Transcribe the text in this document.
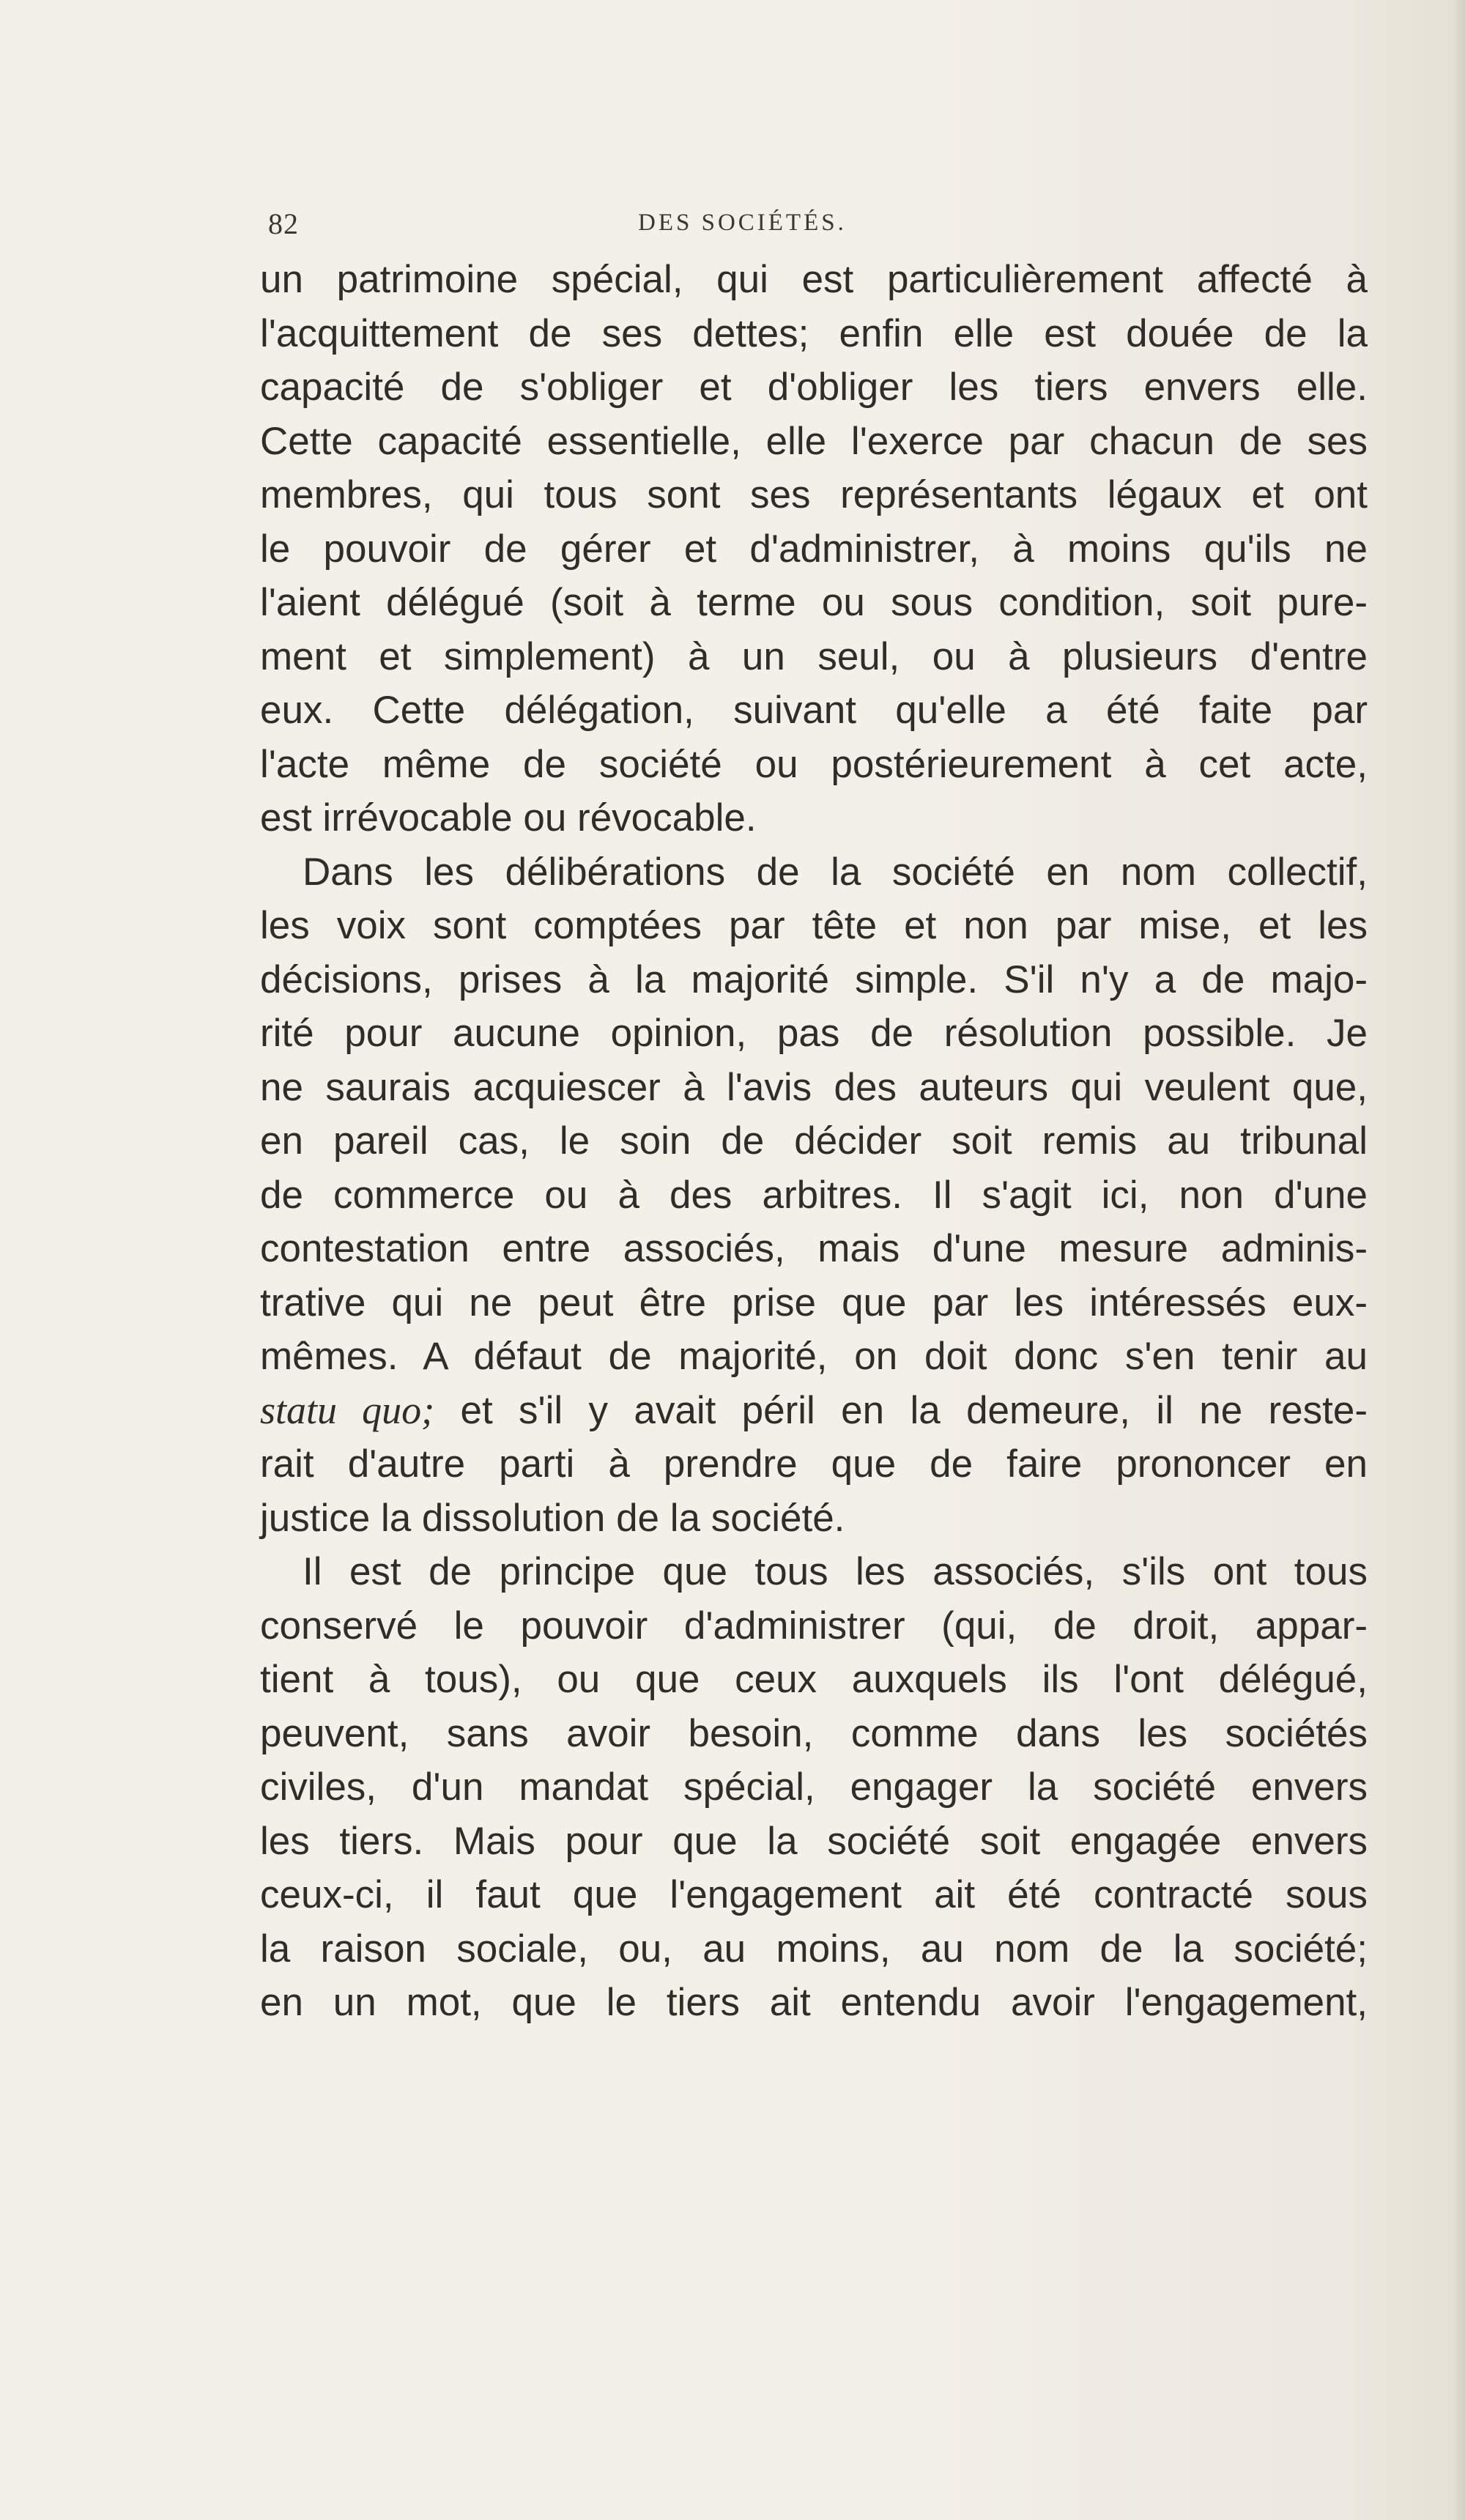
82	DES SOCIÉTÉS.
un patrimoine spécial, qui est particulièrement affecté à
l'acquittement de ses dettes; enfin elle est douée de la
capacité de s'obliger et d'obliger les tiers envers elle.
Cette capacité essentielle, elle l'exerce par chacun de ses
membres, qui tous sont ses représentants légaux et ont
le pouvoir de gérer et d'administrer, à moins qu'ils ne
l'aient délégué (soit à terme ou sous condition, soit pure-
ment et simplement) à un seul, ou à plusieurs d'entre
eux. Cette délégation, suivant qu'elle a été faite par
l'acte même de société ou postérieurement à cet acte,
est irrévocable ou révocable.
Dans les délibérations de la société en nom collectif,
les voix sont comptées par tête et non par mise, et les
décisions, prises à la majorité simple. S'il n'y a de majo-
rité pour aucune opinion, pas de résolution possible. Je
ne saurais acquiescer à l'avis des auteurs qui veulent que,
en pareil cas, le soin de décider soit remis au tribunal
de commerce ou à des arbitres. Il s'agit ici, non d'une
contestation entre associés, mais d'une mesure adminis-
trative qui ne peut être prise que par les intéressés eux-
mêmes. A défaut de majorité, on doit donc s'en tenir au
statu quo; et s'il y avait péril en la demeure, il ne reste-
rait d'autre parti à prendre que de faire prononcer en
justice la dissolution de la société.
Il est de principe que tous les associés, s'ils ont tous
conservé le pouvoir d'administrer (qui, de droit, appar-
tient à tous), ou que ceux auxquels ils l'ont délégué,
peuvent, sans avoir besoin, comme dans les sociétés
civiles, d'un mandat spécial, engager la société envers
les tiers. Mais pour que la société soit engagée envers
ceux-ci, il faut que l'engagement ait été contracté sous
la raison sociale, ou, au moins, au nom de la société;
en un mot, que le tiers ait entendu avoir l'engagement,
